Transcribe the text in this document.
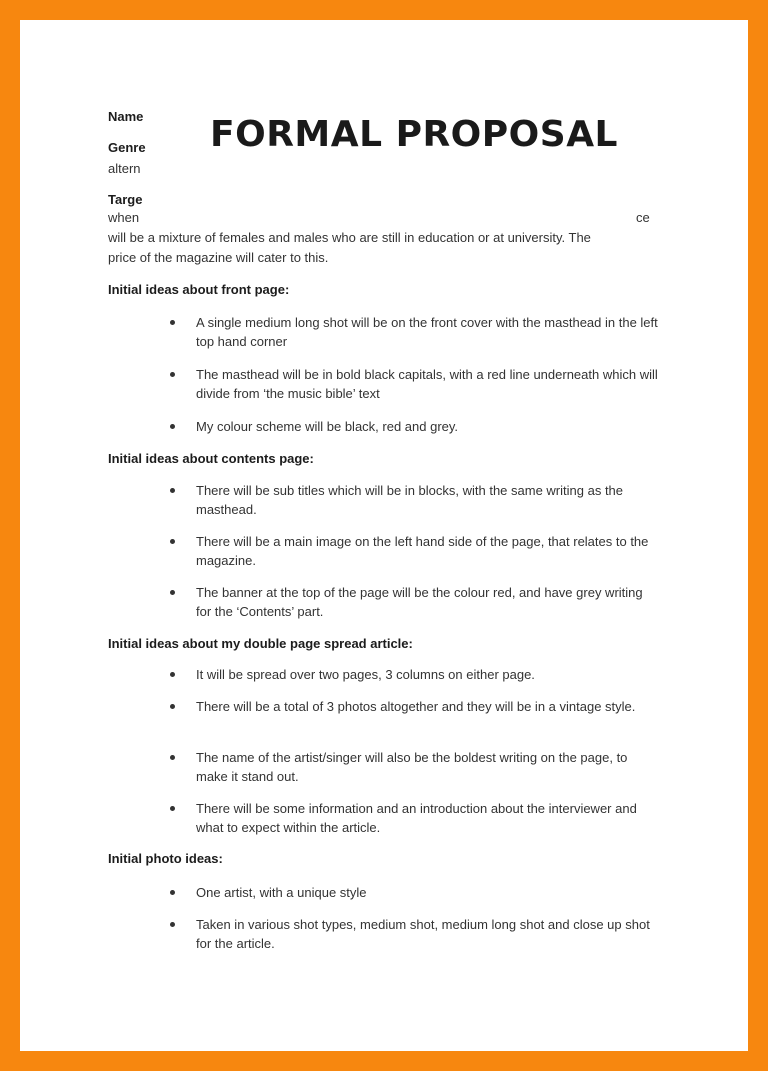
Name
Genre
altern
Targe
when	ce
will be a mixture of females and males who are still in education or at university. The
price of the magazine will cater to this.
FORMAL PROPOSAL
Initial ideas about front page:
A single medium long shot will be on the front cover with the masthead in the left top hand corner
The masthead will be in bold black capitals, with a red line underneath which will divide from ‘the music bible’ text
My colour scheme will be black, red and grey.
Initial ideas about contents page:
There will be sub titles which will be in blocks, with the same writing as the masthead.
There will be a main image on the left hand side of the page, that relates to the magazine.
The banner at the top of the page will be the colour red, and have grey writing for the ‘Contents’ part.
Initial ideas about my double page spread article:
It will be spread over two pages, 3 columns on either page.
There will be a total of 3 photos altogether and they will be in a vintage style.
The name of the artist/singer will also be the boldest writing on the page, to make it stand out.
There will be some information and an introduction about the interviewer and what to expect within the article.
Initial photo ideas:
One artist, with a unique style
Taken in various shot types, medium shot, medium long shot and close up shot for the article.
